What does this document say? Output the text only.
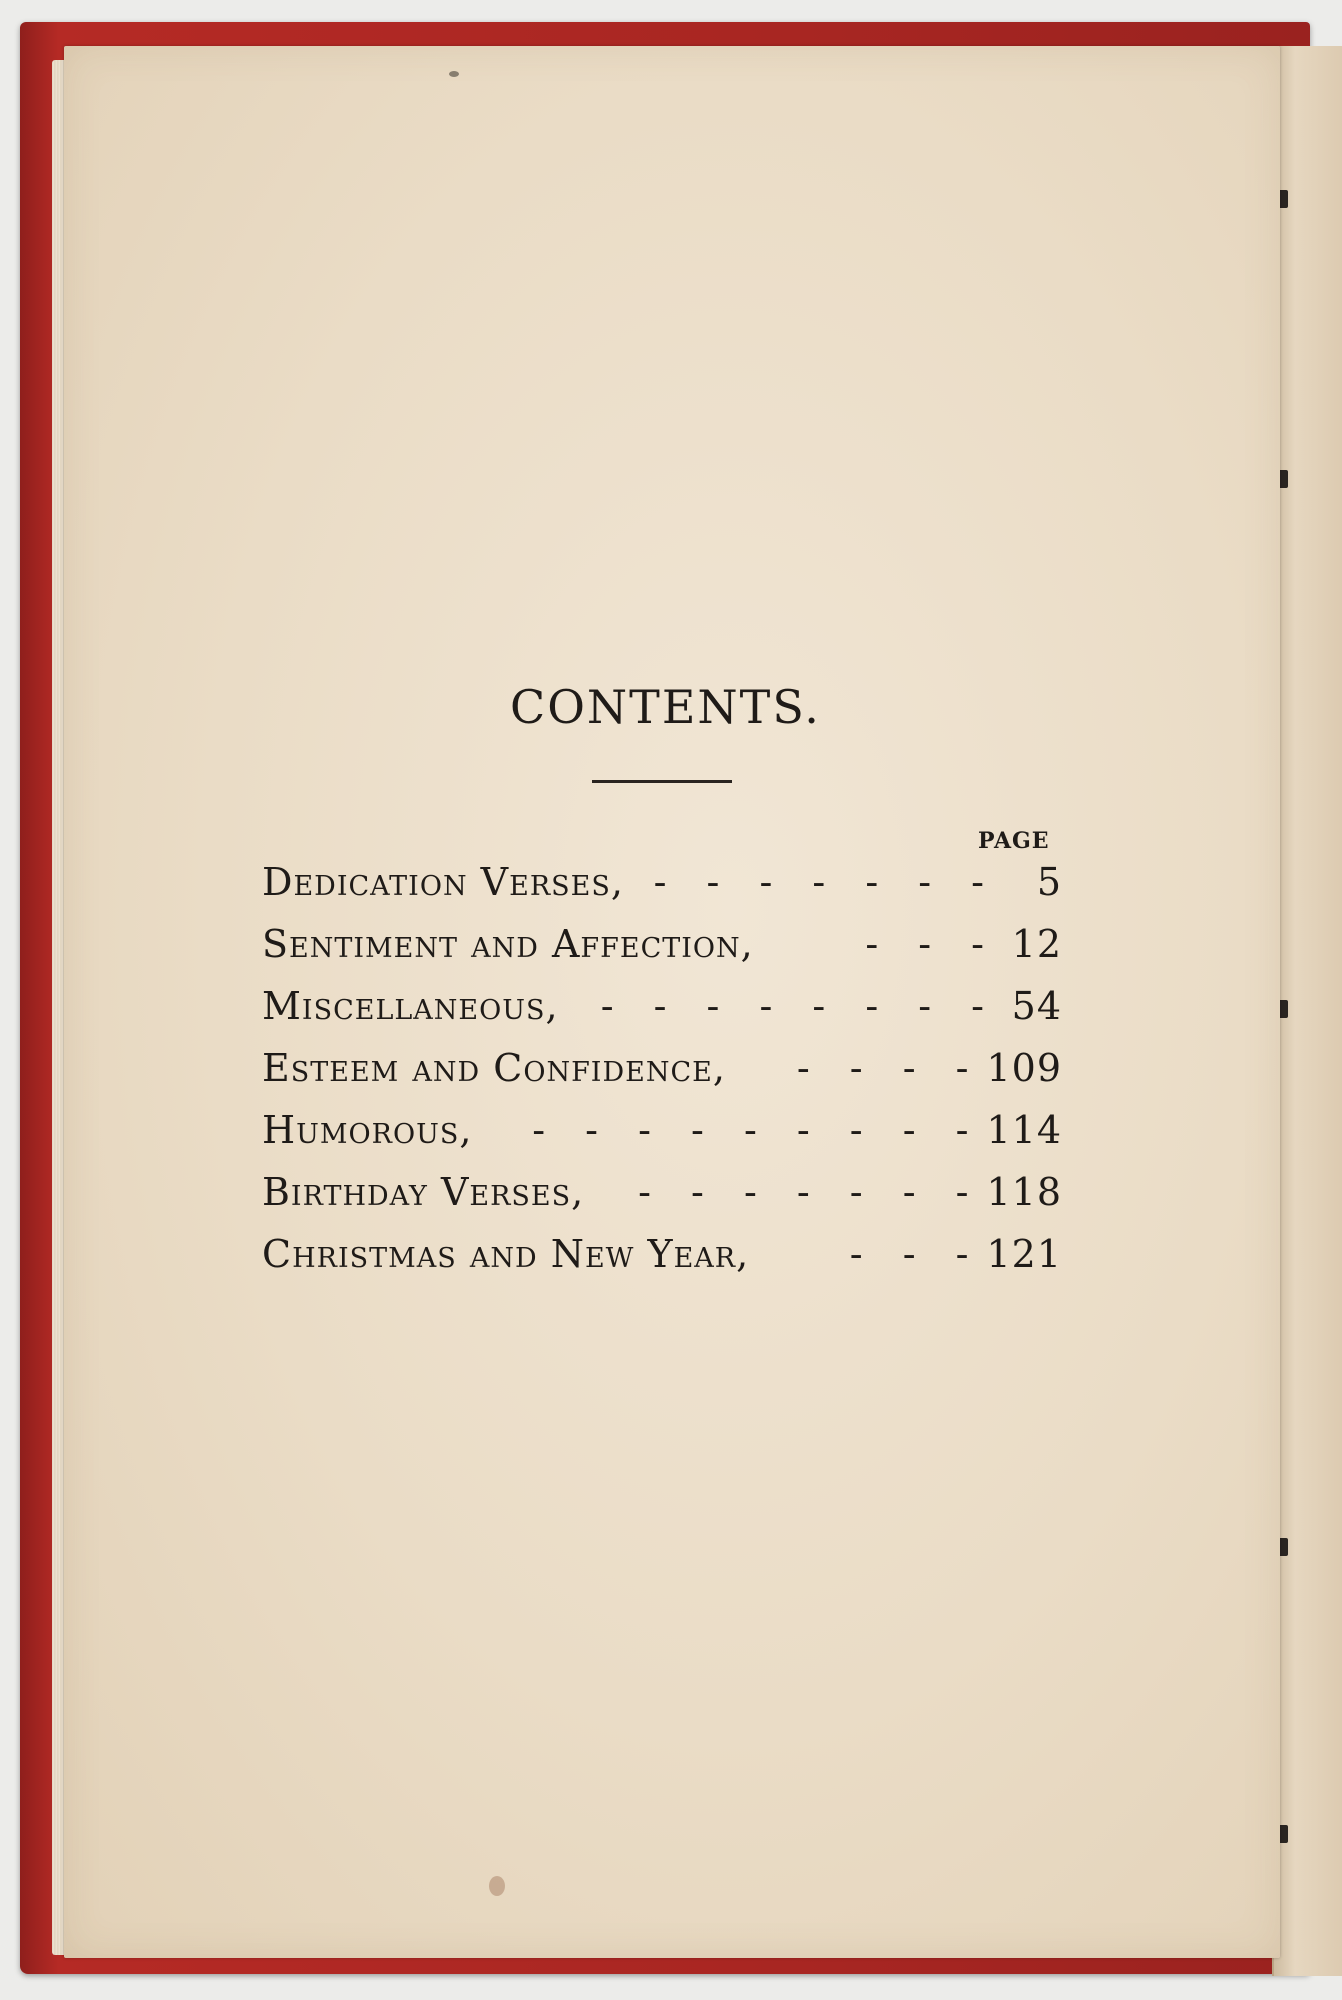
CONTENTS.
PAGE
Dedication Verses, - - - - - - -	5
Sentiment and Affection,	- - - 12
Miscellaneous,	- - - - - - - - 54
Esteem and Confidence,	- - - - 109
Humorous,	- - - - - - - - - 114
Birthday Verses,	- - - - - - - 118
Christmas and New Year,	- - - 121
